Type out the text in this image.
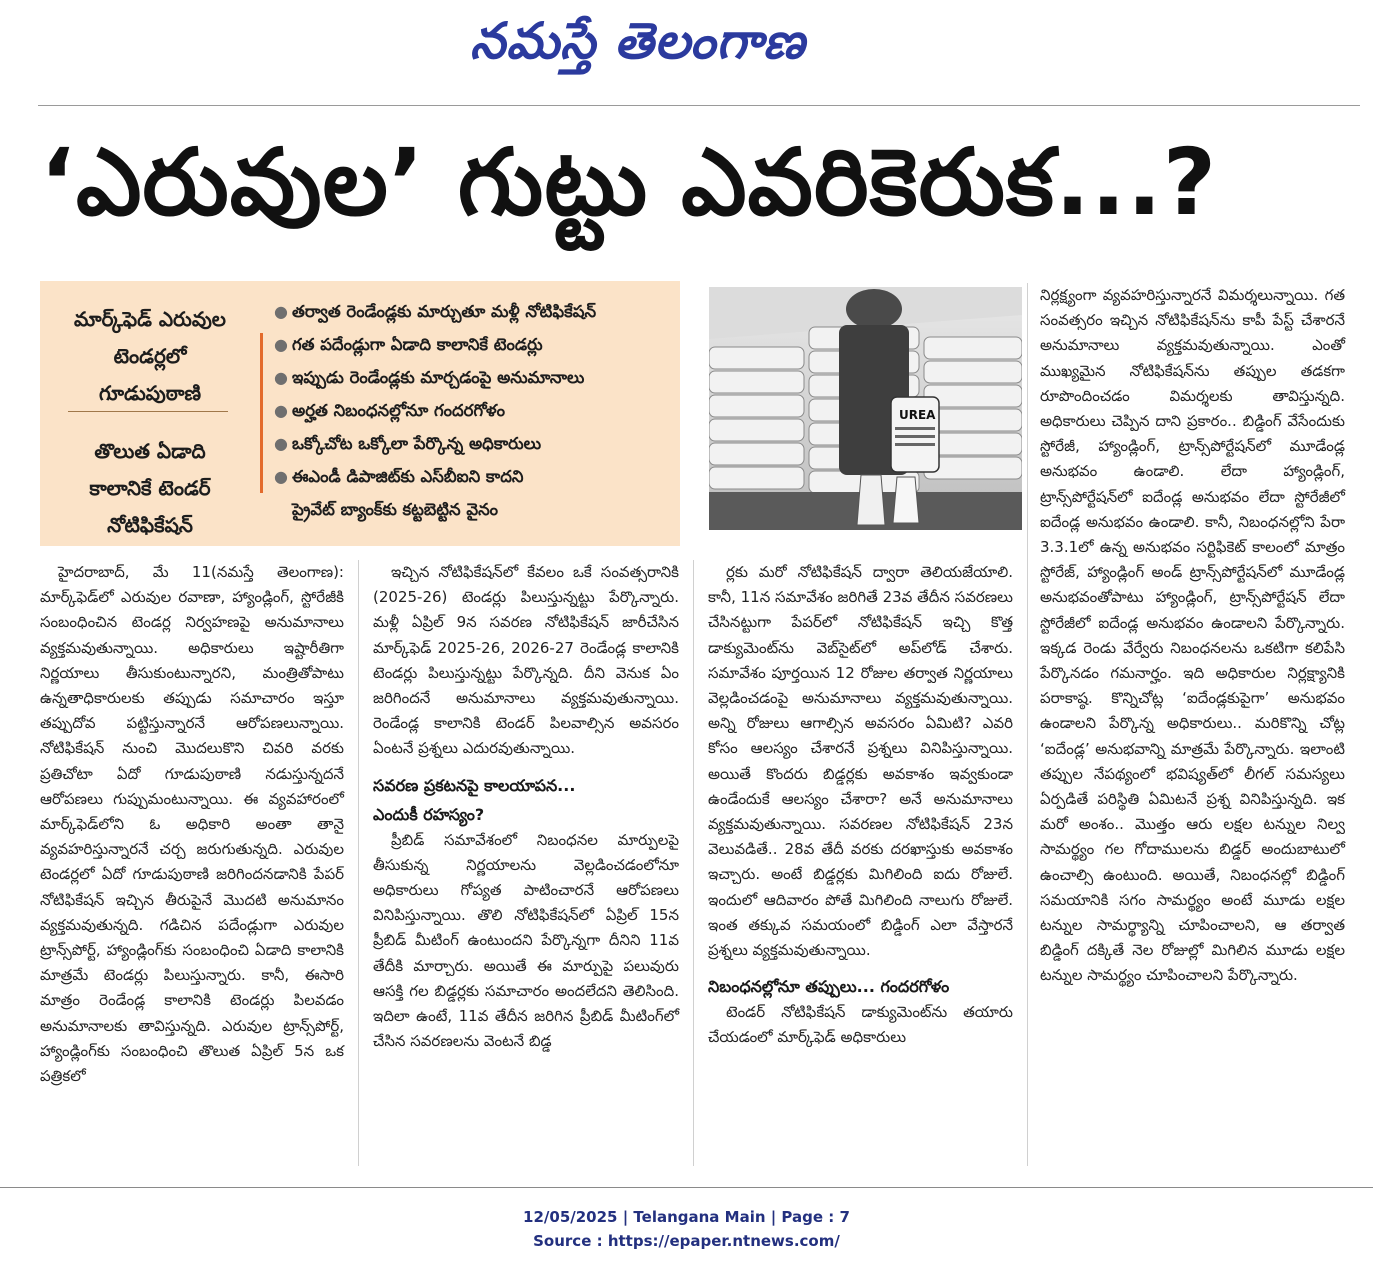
నమస్తే తెలంగాణ
‘ఎరువుల’ గుట్టు ఎవరికెరుక...?
మార్క్‌ఫెడ్ ఎరువుల
టెండర్లలో
గూడుపుఠాణి
తొలుత ఏడాది
కాలానికే టెండర్
నోటిఫికేషన్
● తర్వాత రెండేండ్లకు మార్చుతూ మళ్లీ నోటిఫికేషన్
● గత పదేండ్లుగా ఏడాది కాలానికే టెండర్లు
● ఇప్పుడు రెండేండ్లకు మార్చడంపై అనుమానాలు
● అర్హత నిబంధనల్లోనూ గందరగోళం
● ఒక్కోచోట ఒక్కోలా పేర్కొన్న అధికారులు
● ఈఎండీ డిపాజిట్‌కు ఎస్‌బీఐని కాదని
ప్రైవేట్ బ్యాంక్‌కు కట్టబెట్టిన వైనం
UREA

హైదరాబాద్, మే 11(నమస్తే తెలంగాణ): మార్క్‌ఫెడ్‌లో ఎరువుల రవాణా, హ్యాండ్లింగ్, స్టోరేజీకి సంబంధించిన టెండర్ల నిర్వహణపై అనుమానాలు వ్యక్తమవుతున్నాయి. అధికారులు ఇష్టారీతిగా నిర్ణయాలు తీసుకుంటున్నారని, మంత్రితోపాటు ఉన్నతాధికారులకు తప్పుడు సమాచారం ఇస్తూ తప్పుదోవ పట్టిస్తున్నారనే ఆరోపణలున్నాయి. నోటిఫికేషన్ నుంచి మొదలుకొని చివరి వరకు ప్రతిచోటా ఏదో గూడుపుఠాణి నడుస్తున్నదనే ఆరోపణలు గుప్పుమంటున్నాయి. ఈ వ్యవహారంలో మార్క్‌ఫెడ్‌లోని ఓ అధికారి అంతా తానై వ్యవహరిస్తున్నారనే చర్చ జరుగుతున్నది. ఎరువుల టెండర్లలో ఏదో గూడుపుఠాణి జరిగిందనడానికి పేపర్ నోటిఫికేషన్ ఇచ్చిన తీరుపైనే మొదటి అనుమానం వ్యక్తమవుతున్నది. గడిచిన పదేండ్లుగా ఎరువుల ట్రాన్స్‌పోర్ట్, హ్యాండ్లింగ్‌కు సంబంధించి ఏడాది కాలానికి మాత్రమే టెండర్లు పిలుస్తున్నారు. కానీ, ఈసారి మాత్రం రెండేండ్ల కాలానికి టెండర్లు పిలవడం అనుమానాలకు తావిస్తున్నది. ఎరువుల ట్రాన్స్‌పోర్ట్, హ్యాండ్లింగ్‌కు సంబంధించి తొలుత ఏప్రిల్ 5న ఒక పత్రికలో

ఇచ్చిన నోటిఫికేషన్‌లో కేవలం ఒకే సంవత్సరానికి (2025-26) టెండర్లు పిలుస్తున్నట్టు పేర్కొన్నారు. మళ్లీ ఏప్రిల్ 9న సవరణ నోటిఫికేషన్ జారీచేసిన మార్క్‌ఫెడ్ 2025-26, 2026-27 రెండేండ్ల కాలానికి టెండర్లు పిలుస్తున్నట్టు పేర్కొన్నది. దీని వెనుక ఏం జరిగిందనే అనుమానాలు వ్యక్తమవుతున్నాయి. రెండేండ్ల కాలానికి టెండర్ పిలవాల్సిన అవసరం ఏంటనే ప్రశ్నలు ఎదురవుతున్నాయి.

సవరణ ప్రకటనపై కాలయాపన...
ఎందుకీ రహస్యం?

ప్రీబిడ్ సమావేశంలో నిబంధనల మార్పులపై తీసుకున్న నిర్ణయాలను వెల్లడించడంలోనూ అధికారులు గోప్యత పాటించారనే ఆరోపణలు వినిపిస్తున్నాయి. తొలి నోటిఫికేషన్‌లో ఏప్రిల్ 15న ప్రీబిడ్ మీటింగ్ ఉంటుందని పేర్కొన్నగా దీనిని 11వ తేదీకి మార్చారు. అయితే ఈ మార్పుపై పలువురు ఆసక్తి గల బిడ్డర్లకు సమాచారం అందలేదని తెలిసింది. ఇదిలా ఉంటే, 11వ తేదీన జరిగిన ప్రీబిడ్ మీటింగ్‌లో చేసిన సవరణలను వెంటనే బిడ్డ

ర్లకు మరో నోటిఫికేషన్ ద్వారా తెలియజేయాలి. కానీ, 11న సమావేశం జరిగితే 23వ తేదీన సవరణలు చేసినట్టుగా పేపర్‌లో నోటిఫికేషన్ ఇచ్చి కొత్త డాక్యుమెంట్‌ను వెబ్‌సైట్‌లో అప్‌లోడ్ చేశారు. సమావేశం పూర్తయిన 12 రోజుల తర్వాత నిర్ణయాలు వెల్లడించడంపై అనుమానాలు వ్యక్తమవుతున్నాయి. అన్ని రోజులు ఆగాల్సిన అవసరం ఏమిటి? ఎవరి కోసం ఆలస్యం చేశారనే ప్రశ్నలు వినిపిస్తున్నాయి. అయితే కొందరు బిడ్డర్లకు అవకాశం ఇవ్వకుండా ఉండేందుకే ఆలస్యం చేశారా? అనే అనుమానాలు వ్యక్తమవుతున్నాయి. సవరణల నోటిఫికేషన్ 23న వెలువడితే.. 28వ తేదీ వరకు దరఖాస్తుకు అవకాశం ఇచ్చారు. అంటే బిడ్డర్లకు మిగిలింది ఐదు రోజులే. ఇందులో ఆదివారం పోతే మిగిలింది నాలుగు రోజులే. ఇంత తక్కువ సమయంలో బిడ్డింగ్ ఎలా వేస్తారనే ప్రశ్నలు వ్యక్తమవుతున్నాయి.

నిబంధనల్లోనూ తప్పులు... గందరగోళం

టెండర్ నోటిఫికేషన్ డాక్యుమెంట్‌ను తయారు చేయడంలో మార్క్‌ఫెడ్ అధికారులు

నిర్లక్ష్యంగా వ్యవహరిస్తున్నారనే విమర్శలున్నాయి. గత సంవత్సరం ఇచ్చిన నోటిఫికేషన్‌ను కాపీ పేస్ట్ చేశారనే అనుమానాలు వ్యక్తమవుతున్నాయి. ఎంతో ముఖ్యమైన నోటిఫికేషన్‌ను తప్పుల తడకగా రూపొందించడం విమర్శలకు తావిస్తున్నది. అధికారులు చెప్పిన దాని ప్రకారం.. బిడ్డింగ్ వేసేందుకు స్టోరేజీ, హ్యాండ్లింగ్, ట్రాన్స్‌పోర్టేషన్‌లో మూడేండ్ల అనుభవం ఉండాలి. లేదా హ్యాండ్లింగ్, ట్రాన్స్‌పోర్టేషన్‌లో ఐదేండ్ల అనుభవం లేదా స్టోరేజీలో ఐదేండ్ల అనుభవం ఉండాలి. కానీ, నిబంధనల్లోని పేరా 3.3.1లో ఉన్న అనుభవం సర్టిఫికెట్ కాలంలో మాత్రం స్టోరేజ్, హ్యాండ్లింగ్ అండ్ ట్రాన్స్‌పోర్టేషన్‌లో మూడేండ్ల అనుభవంతోపాటు హ్యాండ్లింగ్, ట్రాన్స్‌పోర్టేషన్ లేదా స్టోరేజీలో ఐదేండ్ల అనుభవం ఉండాలని పేర్కొన్నారు. ఇక్కడ రెండు వేర్వేరు నిబంధనలను ఒకటిగా కలిపేసి పేర్కొనడం గమనార్హం. ఇది అధికారుల నిర్లక్ష్యానికి పరాకాష్ఠ. కొన్నిచోట్ల ‘ఐదేండ్లకుపైగా’ అనుభవం ఉండాలని పేర్కొన్న అధికారులు.. మరికొన్ని చోట్ల ‘ఐదేండ్ల’ అనుభవాన్ని మాత్రమే పేర్కొన్నారు. ఇలాంటి తప్పుల నేపథ్యంలో భవిష్యత్‌లో లీగల్ సమస్యలు ఏర్పడితే పరిస్థితి ఏమిటనే ప్రశ్న వినిపిస్తున్నది. ఇక మరో అంశం.. మొత్తం ఆరు లక్షల టన్నుల నిల్వ సామర్థ్యం గల గోదాములను బిడ్డర్ అందుబాటులో ఉంచాల్సి ఉంటుంది. అయితే, నిబంధనల్లో బిడ్డింగ్ సమయానికి సగం సామర్థ్యం అంటే మూడు లక్షల టన్నుల సామర్థ్యాన్ని చూపించాలని, ఆ తర్వాత బిడ్డింగ్ దక్కితే నెల రోజుల్లో మిగిలిన మూడు లక్షల టన్నుల సామర్థ్యం చూపించాలని పేర్కొన్నారు.

12/05/2025 | Telangana Main | Page : 7
Source : https://epaper.ntnews.com/
